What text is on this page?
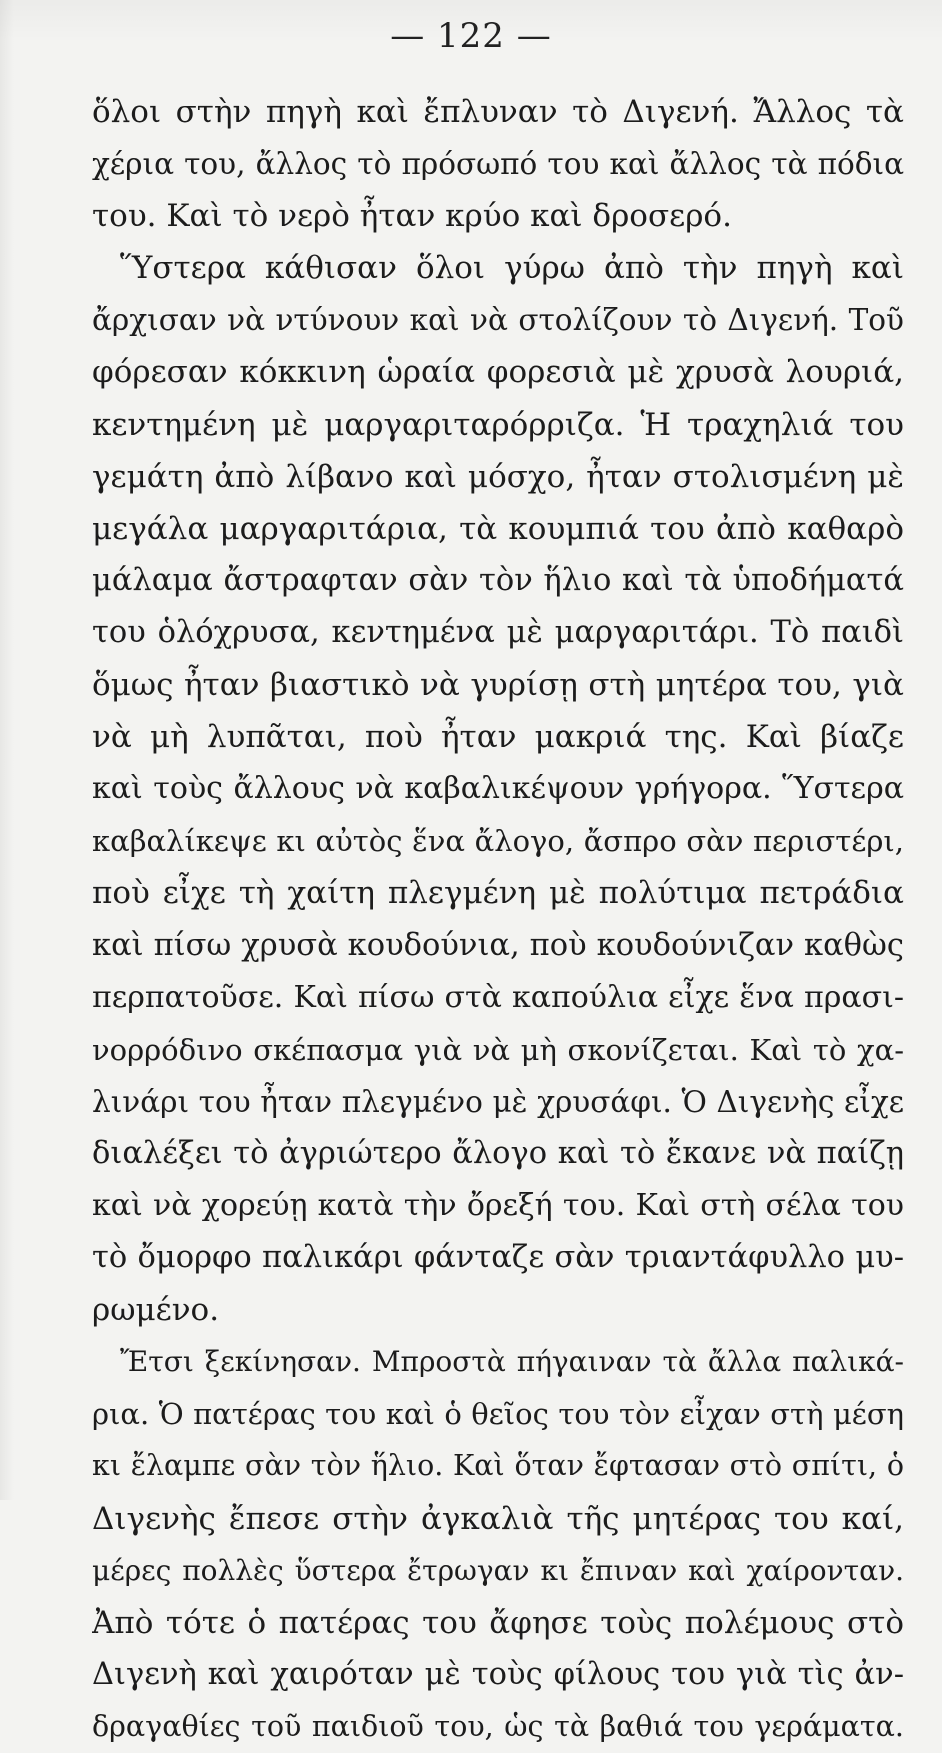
— 122 —
ὅλοι στὴν πηγὴ καὶ ἔπλυναν τὸ Διγενή. Ἄλλος τὰ
χέρια του, ἄλλος τὸ πρόσωπό του καὶ ἄλλος τὰ πόδια
του. Καὶ τὸ νερὸ ἦταν κρύο καὶ δροσερό.
Ὕστερα κάθισαν ὅλοι γύρω ἀπὸ τὴν πηγὴ καὶ
ἄρχισαν νὰ ντύνουν καὶ νὰ στολίζουν τὸ Διγενή. Τοῦ
φόρεσαν κόκκινη ὡραία φορεσιὰ μὲ χρυσὰ λουριά,
κεντημένη μὲ μαργαριταρόρριζα. Ἡ τραχηλιά του
γεμάτη ἀπὸ λίβανο καὶ μόσχο, ἦταν στολισμένη μὲ
μεγάλα μαργαριτάρια, τὰ κουμπιά του ἀπὸ καθαρὸ
μάλαμα ἄστραφταν σὰν τὸν ἥλιο καὶ τὰ ὑποδήματά
του ὁλόχρυσα, κεντημένα μὲ μαργαριτάρι. Τὸ παιδὶ
ὅμως ἦταν βιαστικὸ νὰ γυρίσῃ στὴ μητέρα του, γιὰ
νὰ μὴ λυπᾶται, ποὺ ἦταν μακριά της. Καὶ βίαζε
καὶ τοὺς ἄλλους νὰ καβαλικέψουν γρήγορα. Ὕστερα
καβαλίκεψε κι αὐτὸς ἕνα ἄλογο, ἄσπρο σὰν περιστέρι,
ποὺ εἶχε τὴ χαίτη πλεγμένη μὲ πολύτιμα πετράδια
καὶ πίσω χρυσὰ κουδούνια, ποὺ κουδούνιζαν καθὼς
περπατοῦσε. Καὶ πίσω στὰ καπούλια εἶχε ἕνα πρασι-
νορρόδινο σκέπασμα γιὰ νὰ μὴ σκονίζεται. Καὶ τὸ χα-
λινάρι του ἦταν πλεγμένο μὲ χρυσάφι. Ὁ Διγενὴς εἶχε
διαλέξει τὸ ἀγριώτερο ἄλογο καὶ τὸ ἔκανε νὰ παίζῃ
καὶ νὰ χορεύῃ κατὰ τὴν ὄρεξή του. Καὶ στὴ σέλα του
τὸ ὄμορφο παλικάρι φάνταζε σὰν τριαντάφυλλο μυ-
ρωμένο.
Ἔτσι ξεκίνησαν. Μπροστὰ πήγαιναν τὰ ἄλλα παλικά-
ρια. Ὁ πατέρας του καὶ ὁ θεῖος του τὸν εἶχαν στὴ μέση
κι ἔλαμπε σὰν τὸν ἥλιο. Καὶ ὅταν ἔφτασαν στὸ σπίτι, ὁ
Διγενὴς ἔπεσε στὴν ἀγκαλιὰ τῆς μητέρας του καί,
μέρες πολλὲς ὕστερα ἔτρωγαν κι ἔπιναν καὶ χαίρονταν.
Ἀπὸ τότε ὁ πατέρας του ἄφησε τοὺς πολέμους στὸ
Διγενὴ καὶ χαιρόταν μὲ τοὺς φίλους του γιὰ τὶς ἀν-
δραγαθίες τοῦ παιδιοῦ του, ὡς τὰ βαθιά του γεράματα.
